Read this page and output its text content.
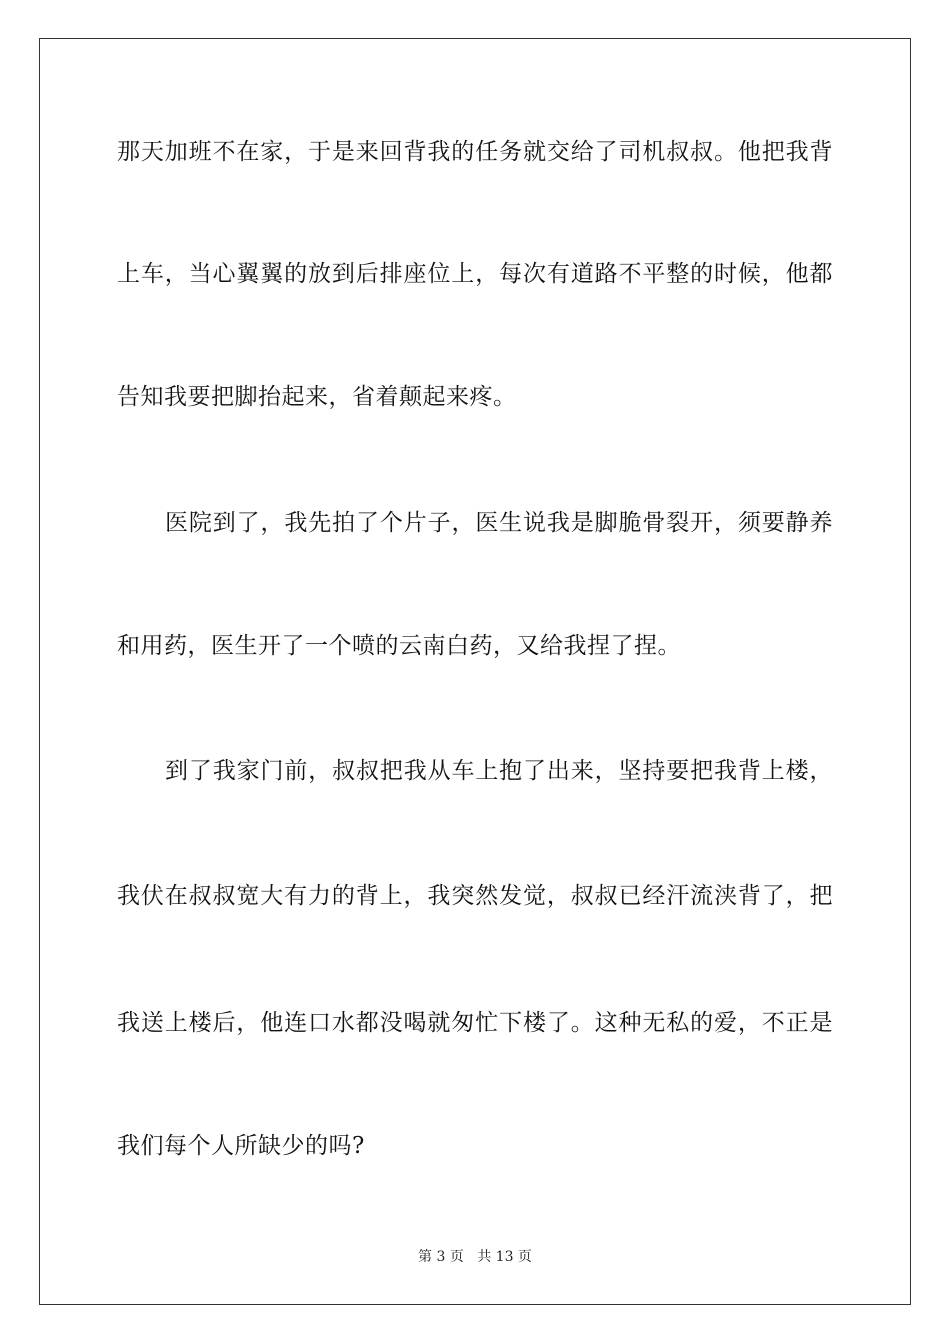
那天加班不在家，于是来回背我的任务就交给了司机叔叔。他把我背
上车，当心翼翼的放到后排座位上，每次有道路不平整的时候，他都
告知我要把脚抬起来，省着颠起来疼。
医院到了，我先拍了个片子，医生说我是脚脆骨裂开，须要静养
和用药，医生开了一个喷的云南白药，又给我捏了捏。
到了我家门前，叔叔把我从车上抱了出来，坚持要把我背上楼，
我伏在叔叔宽大有力的背上，我突然发觉，叔叔已经汗流浃背了，把
我送上楼后，他连口水都没喝就匆忙下楼了。这种无私的爱，不正是
我们每个人所缺少的吗?
第 3 页 共 13 页
